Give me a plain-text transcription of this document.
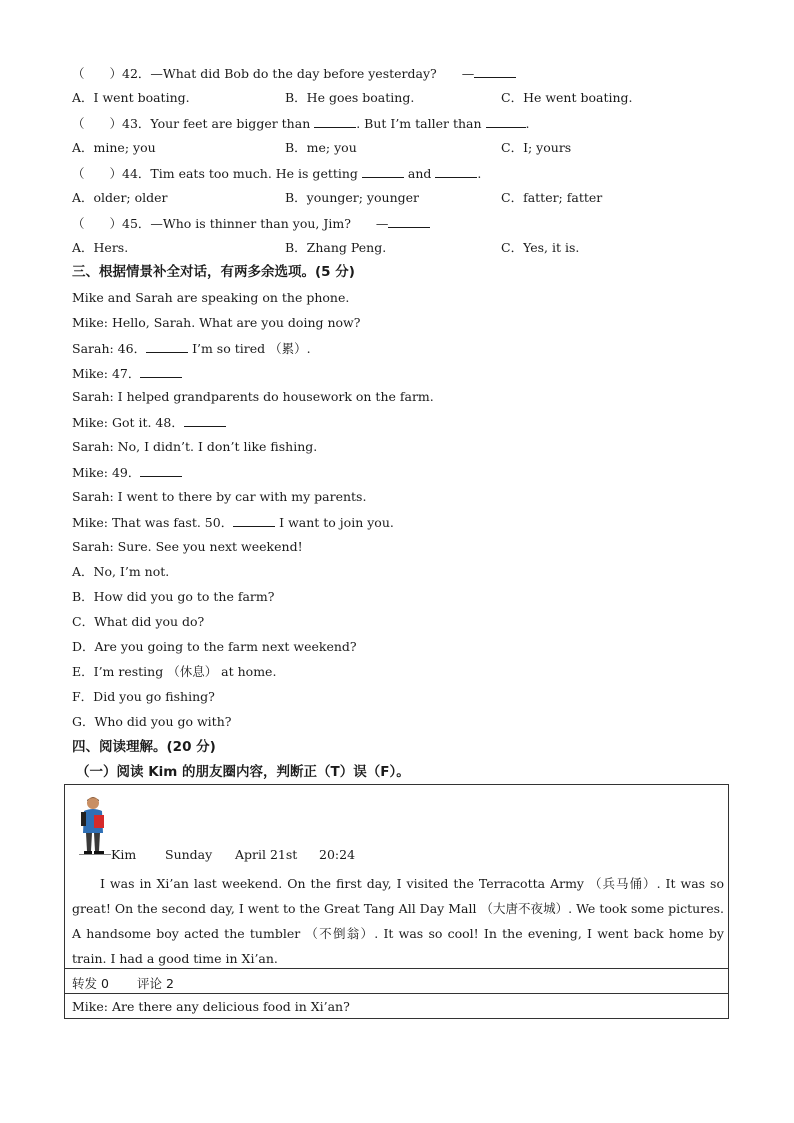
（　　）42．—What did Bob do the day before yesterday?　　—
A．I went boating.	B．He goes boating.	C．He went boating.
（　　）43．Your feet are bigger than	. But I’m taller than	.
A．mine; you	B．me; you	C．I; yours
（　　）44．Tim eats too much. He is getting	and	.
A．older; older	B．younger; younger	C．fatter; fatter
（　　）45．—Who is thinner than you, Jim?　　—
A．Hers.	B．Zhang Peng.	C．Yes, it is.
三、根据情景补全对话，有两多余选项。(5 分)
Mike and Sarah are speaking on the phone.
Mike: Hello, Sarah. What are you doing now?
Sarah: 46．	I’m so tired （累）.
Mike: 47．
Sarah: I helped grandparents do housework on the farm.
Mike: Got it. 48．
Sarah: No, I didn’t. I don’t like fishing.
Mike: 49．
Sarah: I went to there by car with my parents.
Mike: That was fast. 50．	I want to join you.
Sarah: Sure. See you next weekend!
A．No, I’m not.
B．How did you go to the farm?
C．What did you do?
D．Are you going to the farm next weekend?
E．I’m resting （休息） at home.
F．Did you go fishing?
G．Who did you go with?
四、阅读理解。(20 分)
（一）阅读 Kim 的朋友圈内容，判断正（T）误（F）。
Kim Sunday April 21st 20:24
I was in Xi’an last weekend. On the first day, I visited the Terracotta Army （兵马俑）. It was so great! On the second day, I went to the Great Tang All Day Mall （大唐不夜城）. We took some pictures. A handsome boy acted the tumbler （不倒翁）. It was so cool! In the evening, I went back home by train. I had a good time in Xi’an.
转发 0 评论 2
Mike: Are there any delicious food in Xi’an?
